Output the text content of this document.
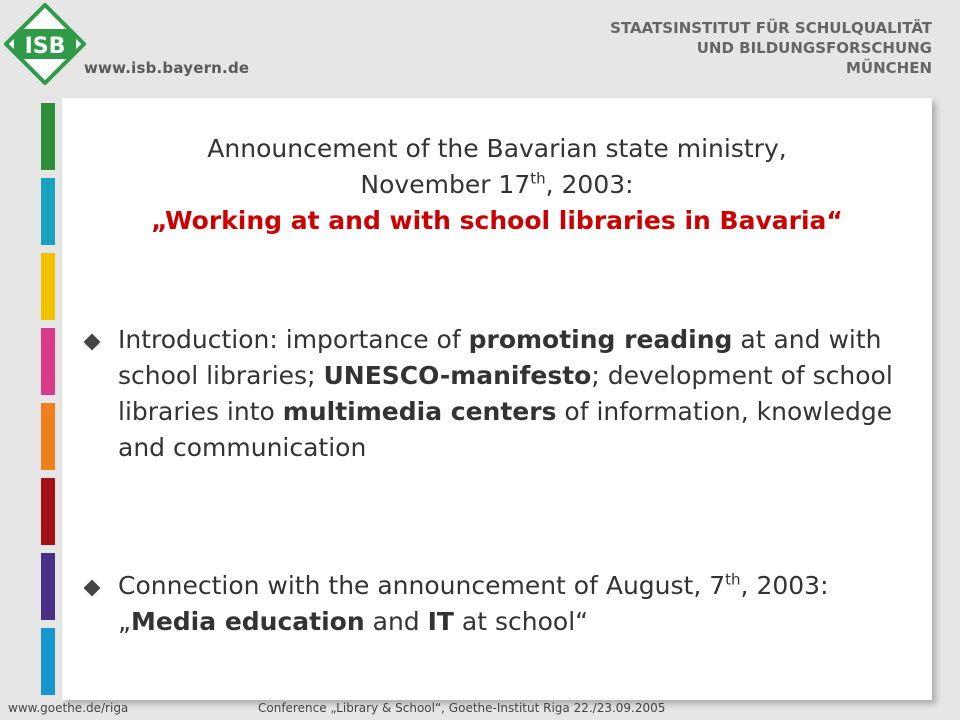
ISB
www.isb.bayern.de
STAATSINSTITUT FÜR SCHULQUALITÄT
UND BILDUNGSFORSCHUNG
MÜNCHEN
Announcement of the Bavarian state ministry,
November 17th, 2003:
„Working at and with school libraries in Bavaria“
Introduction: importance of promoting reading at and with school libraries; UNESCO-manifesto; development of school libraries into multimedia centers of information, knowledge and communication
Connection with the announcement of August, 7th, 2003: „Media education and IT at school“
www.goethe.de/riga	Conference „Library & School“, Goethe-Institut Riga 22./23.09.2005
